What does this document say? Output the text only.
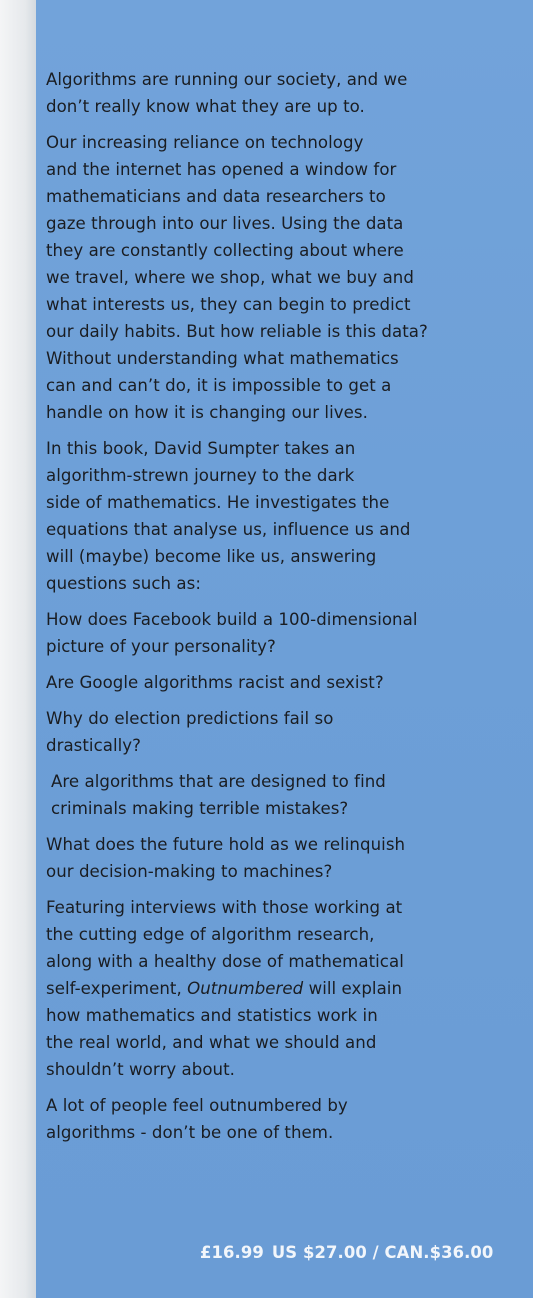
Algorithms are running our society, and we
don’t really know what they are up to.

Our increasing reliance on technology
and the internet has opened a window for
mathematicians and data researchers to
gaze through into our lives. Using the data
they are constantly collecting about where
we travel, where we shop, what we buy and
what interests us, they can begin to predict
our daily habits. But how reliable is this data?
Without understanding what mathematics
can and can’t do, it is impossible to get a
handle on how it is changing our lives.

In this book, David Sumpter takes an
algorithm-strewn journey to the dark
side of mathematics. He investigates the
equations that analyse us, influence us and
will (maybe) become like us, answering
questions such as:

How does Facebook build a 100-dimensional
picture of your personality?

Are Google algorithms racist and sexist?

Why do election predictions fail so
drastically?

Are algorithms that are designed to find
criminals making terrible mistakes?

What does the future hold as we relinquish
our decision-making to machines?

Featuring interviews with those working at
the cutting edge of algorithm research,
along with a healthy dose of mathematical
self-experiment, Outnumbered will explain
how mathematics and statistics work in
the real world, and what we should and
shouldn’t worry about.

A lot of people feel outnumbered by
algorithms - don’t be one of them.

£16.99 US $27.00 / CAN.$36.00
